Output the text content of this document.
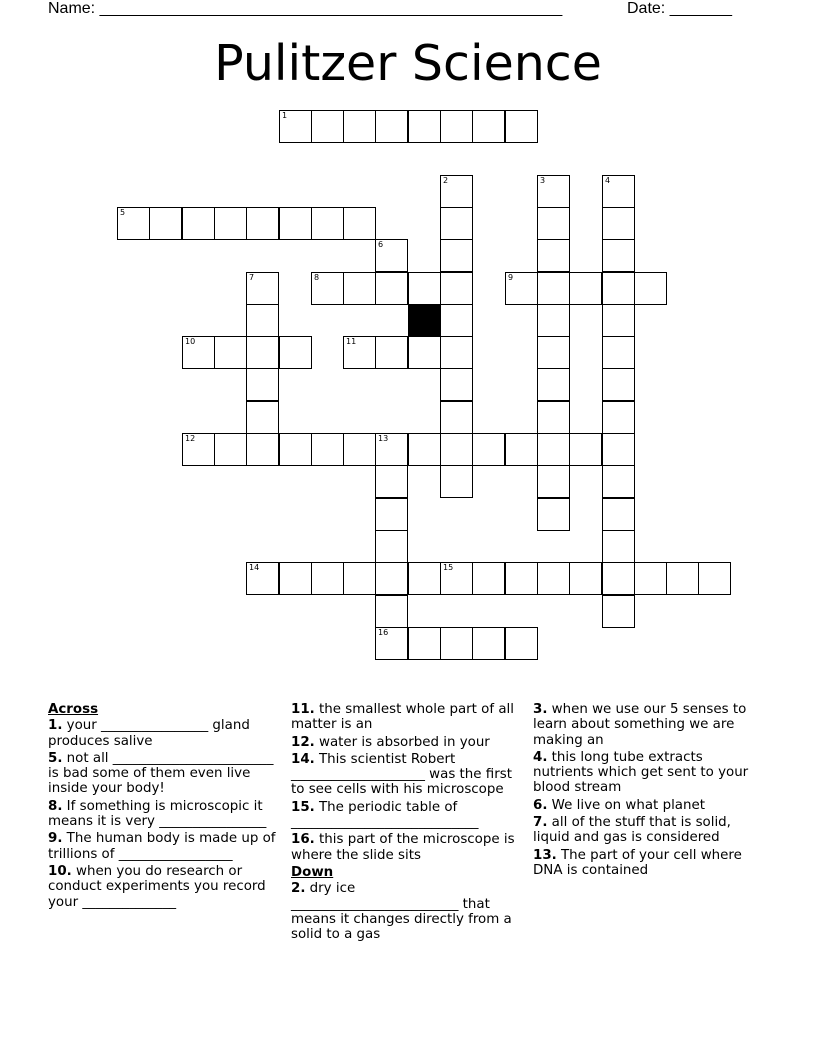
Name: ____________________________________________________	Date: _______
Pulitzer Science
1
5
8	9
10	11
12	13
14	15
16
2	3	4
6
7
Across
1. your ________________ gland produces salive
5. not all ________________________ is bad some of them even live inside your body!
8. If something is microscopic it means it is very ________________
9. The human body is made up of trillions of _________________
10. when you do research or conduct experiments you record your ______________
11. the smallest whole part of all matter is an
12. water is absorbed in your
14. This scientist Robert ____________________ was the first to see cells with his microscope
15. The periodic table of ____________________________
16. this part of the microscope is where the slide sits
Down
2. dry ice _________________________ that means it changes directly from a solid to a gas
3. when we use our 5 senses to learn about something we are making an
4. this long tube extracts nutrients which get sent to your blood stream
6. We live on what planet
7. all of the stuff that is solid, liquid and gas is considered
13. The part of your cell where DNA is contained
